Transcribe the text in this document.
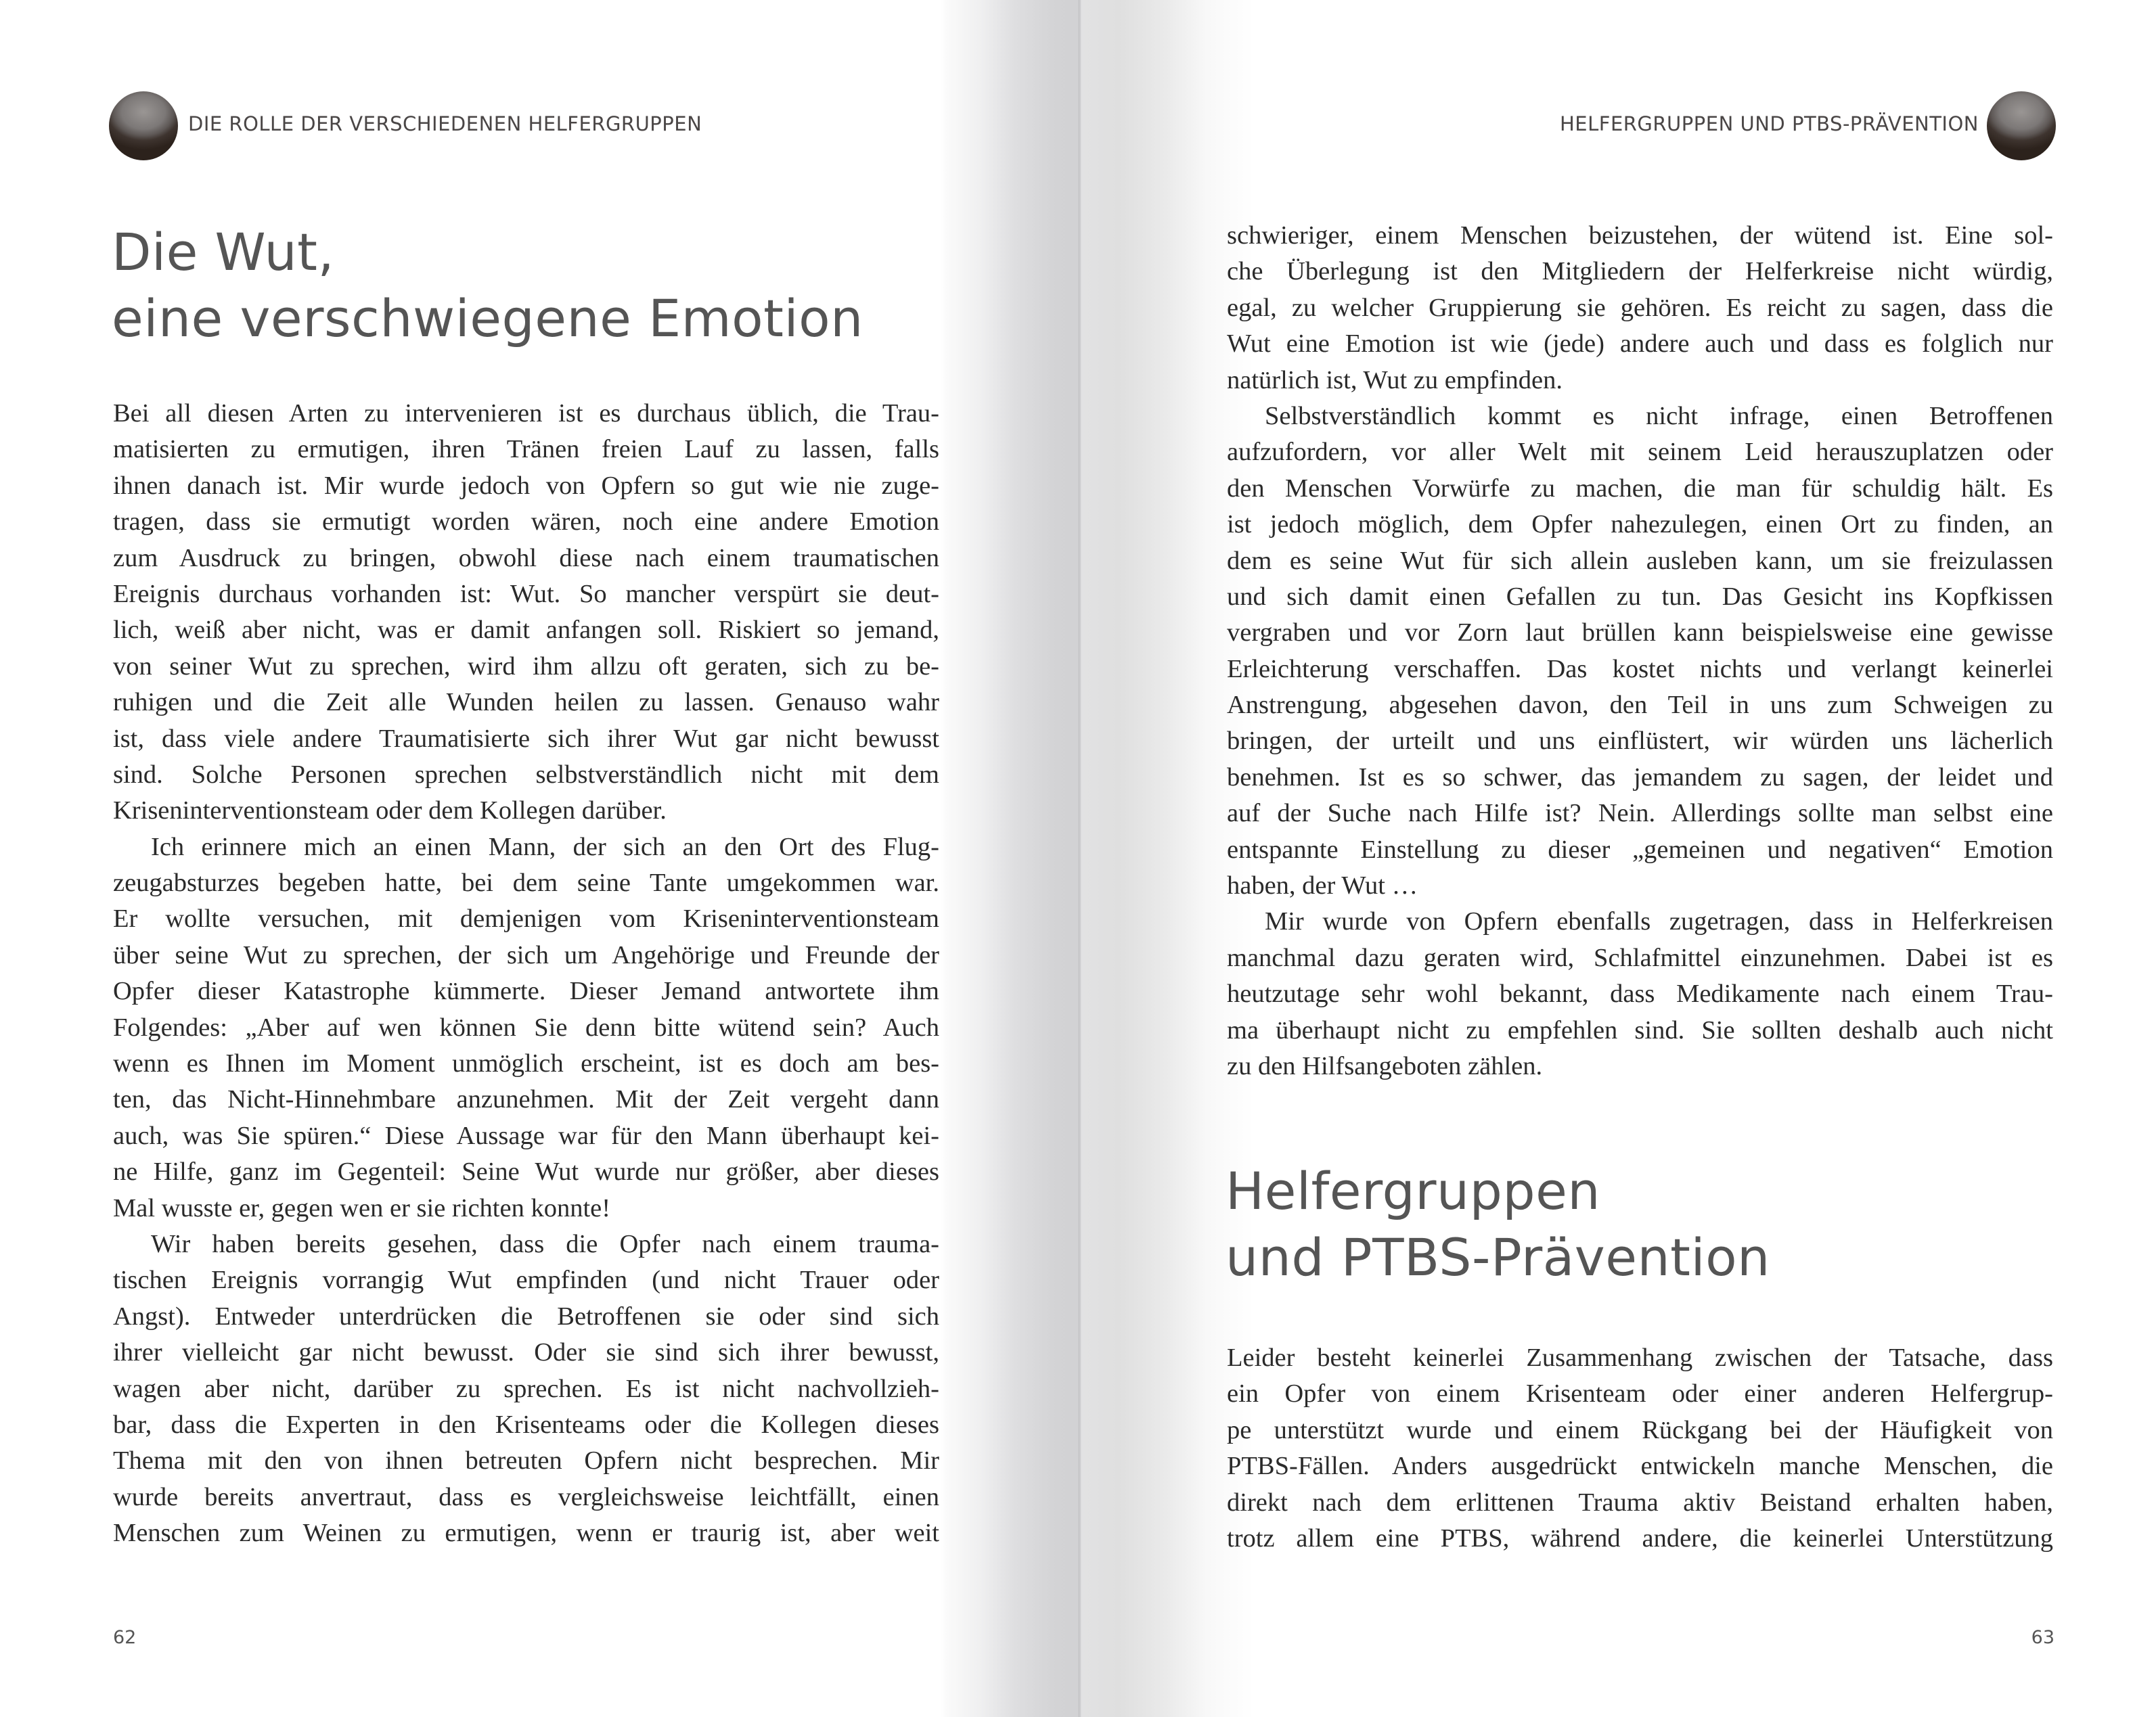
DIE ROLLE DER VERSCHIEDENEN HELFERGRUPPEN
Die Wut,
eine verschwiegene Emotion
Bei all diesen Arten zu intervenieren ist es durchaus üblich, die Trau-
matisierten zu ermutigen, ihren Tränen freien Lauf zu lassen, falls
ihnen danach ist. Mir wurde jedoch von Opfern so gut wie nie zuge-
tragen, dass sie ermutigt worden wären, noch eine andere Emotion
zum Ausdruck zu bringen, obwohl diese nach einem traumatischen
Ereignis durchaus vorhanden ist: Wut. So mancher verspürt sie deut-
lich, weiß aber nicht, was er damit anfangen soll. Riskiert so jemand,
von seiner Wut zu sprechen, wird ihm allzu oft geraten, sich zu be-
ruhigen und die Zeit alle Wunden heilen zu lassen. Genauso wahr
ist, dass viele andere Traumatisierte sich ihrer Wut gar nicht bewusst
sind. Solche Personen sprechen selbstverständlich nicht mit dem
Kriseninterventionsteam oder dem Kollegen darüber.
Ich erinnere mich an einen Mann, der sich an den Ort des Flug-
zeugabsturzes begeben hatte, bei dem seine Tante umgekommen war.
Er wollte versuchen, mit demjenigen vom Kriseninterventionsteam
über seine Wut zu sprechen, der sich um Angehörige und Freunde der
Opfer dieser Katastrophe kümmerte. Dieser Jemand antwortete ihm
Folgendes: „Aber auf wen können Sie denn bitte wütend sein? Auch
wenn es Ihnen im Moment unmöglich erscheint, ist es doch am bes-
ten, das Nicht-Hinnehmbare anzunehmen. Mit der Zeit vergeht dann
auch, was Sie spüren.“ Diese Aussage war für den Mann überhaupt kei-
ne Hilfe, ganz im Gegenteil: Seine Wut wurde nur größer, aber dieses
Mal wusste er, gegen wen er sie richten konnte!
Wir haben bereits gesehen, dass die Opfer nach einem trauma-
tischen Ereignis vorrangig Wut empfinden (und nicht Trauer oder
Angst). Entweder unterdrücken die Betroffenen sie oder sind sich
ihrer vielleicht gar nicht bewusst. Oder sie sind sich ihrer bewusst,
wagen aber nicht, darüber zu sprechen. Es ist nicht nachvollzieh-
bar, dass die Experten in den Krisenteams oder die Kollegen dieses
Thema mit den von ihnen betreuten Opfern nicht besprechen. Mir
wurde bereits anvertraut, dass es vergleichsweise leichtfällt, einen
Menschen zum Weinen zu ermutigen, wenn er traurig ist, aber weit
62
HELFERGRUPPEN UND PTBS-PRÄVENTION
schwieriger, einem Menschen beizustehen, der wütend ist. Eine sol-
che Überlegung ist den Mitgliedern der Helferkreise nicht würdig,
egal, zu welcher Gruppierung sie gehören. Es reicht zu sagen, dass die
Wut eine Emotion ist wie (jede) andere auch und dass es folglich nur
natürlich ist, Wut zu empfinden.
Selbstverständlich kommt es nicht infrage, einen Betroffenen
aufzufordern, vor aller Welt mit seinem Leid herauszuplatzen oder
den Menschen Vorwürfe zu machen, die man für schuldig hält. Es
ist jedoch möglich, dem Opfer nahezulegen, einen Ort zu finden, an
dem es seine Wut für sich allein ausleben kann, um sie freizulassen
und sich damit einen Gefallen zu tun. Das Gesicht ins Kopfkissen
vergraben und vor Zorn laut brüllen kann beispielsweise eine gewisse
Erleichterung verschaffen. Das kostet nichts und verlangt keinerlei
Anstrengung, abgesehen davon, den Teil in uns zum Schweigen zu
bringen, der urteilt und uns einflüstert, wir würden uns lächerlich
benehmen. Ist es so schwer, das jemandem zu sagen, der leidet und
auf der Suche nach Hilfe ist? Nein. Allerdings sollte man selbst eine
entspannte Einstellung zu dieser „gemeinen und negativen“ Emotion
haben, der Wut …
Mir wurde von Opfern ebenfalls zugetragen, dass in Helferkreisen
manchmal dazu geraten wird, Schlafmittel einzunehmen. Dabei ist es
heutzutage sehr wohl bekannt, dass Medikamente nach einem Trau-
ma überhaupt nicht zu empfehlen sind. Sie sollten deshalb auch nicht
zu den Hilfsangeboten zählen.
Helfergruppen
und PTBS-Prävention
Leider besteht keinerlei Zusammenhang zwischen der Tatsache, dass
ein Opfer von einem Krisenteam oder einer anderen Helfergrup-
pe unterstützt wurde und einem Rückgang bei der Häufigkeit von
PTBS-Fällen. Anders ausgedrückt entwickeln manche Menschen, die
direkt nach dem erlittenen Trauma aktiv Beistand erhalten haben,
trotz allem eine PTBS, während andere, die keinerlei Unterstützung
63
